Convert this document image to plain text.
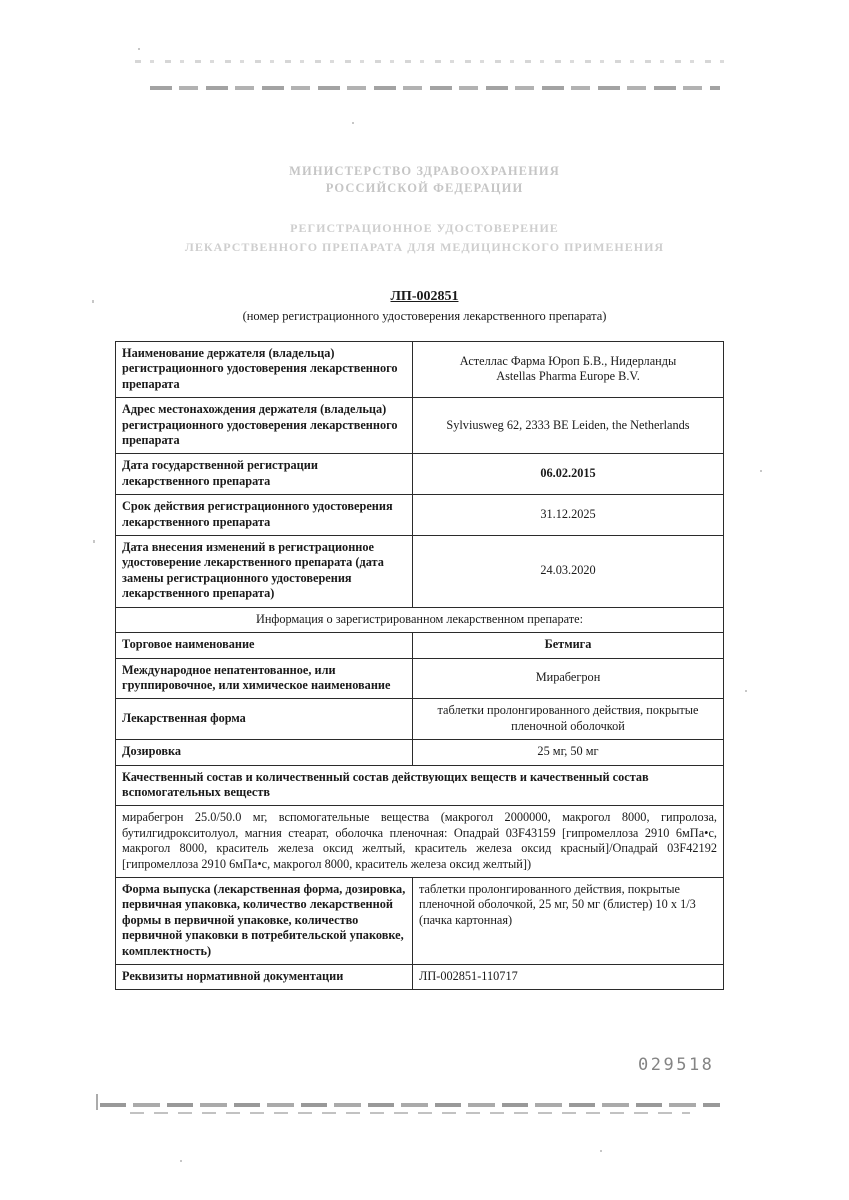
МИНИСТЕРСТВО ЗДРАВООХРАНЕНИЯ
РОССИЙСКОЙ ФЕДЕРАЦИИ
РЕГИСТРАЦИОННОЕ УДОСТОВЕРЕНИЕ
ЛЕКАРСТВЕННОГО ПРЕПАРАТА ДЛЯ МЕДИЦИНСКОГО ПРИМЕНЕНИЯ
ЛП-002851
(номер регистрационного удостоверения лекарственного препарата)
Наименование держателя (владельца) регистрационного удостоверения лекарственного препарата	Астеллас Фарма Юроп Б.В., Нидерланды
Astellas Pharma Europe B.V.

Адрес местонахождения держателя (владельца) регистрационного удостоверения лекарственного препарата	Sylviusweg 62, 2333 BE Leiden, the Netherlands

Дата государственной регистрации лекарственного препарата	06.02.2015

Срок действия регистрационного удостоверения лекарственного препарата	31.12.2025

Дата внесения изменений в регистрационное удостоверение лекарственного препарата (дата замены регистрационного удостоверения лекарственного препарата)	24.03.2020

Информация о зарегистрированном лекарственном препарате:	
Торговое наименование	Бетмига

Международное непатентованное, или группировочное, или химическое наименование	Мирабегрон

Лекарственная форма	таблетки пролонгированного действия, покрытые
пленочной оболочкой

Дозировка	25 мг, 50 мг

Качественный состав и количественный состав действующих веществ и качественный состав вспомогательных веществ	
мирабегрон 25.0/50.0 мг, вспомогательные вещества (макрогол 2000000, макрогол 8000, гипролоза, бутилгидрокситолуол, магния стеарат, оболочка пленочная: Опадрай 03F43159 [гипромеллоза 2910 6мПа•с, макрогол 8000, краситель железа оксид желтый, краситель железа оксид красный]/Опадрай 03F42192 [гипромеллоза 2910 6мПа•с, макрогол 8000, краситель железа оксид желтый])	
Форма выпуска (лекарственная форма, дозировка, первичная упаковка, количество лекарственной формы в первичной упаковке, количество первичной упаковки в потребительской упаковке, комплектность)	таблетки пролонгированного действия, покрытые
пленочной оболочкой, 25 мг, 50 мг (блистер) 10 х 1/3
(пачка картонная)

Реквизиты нормативной документации	ЛП-002851-110717
029518
